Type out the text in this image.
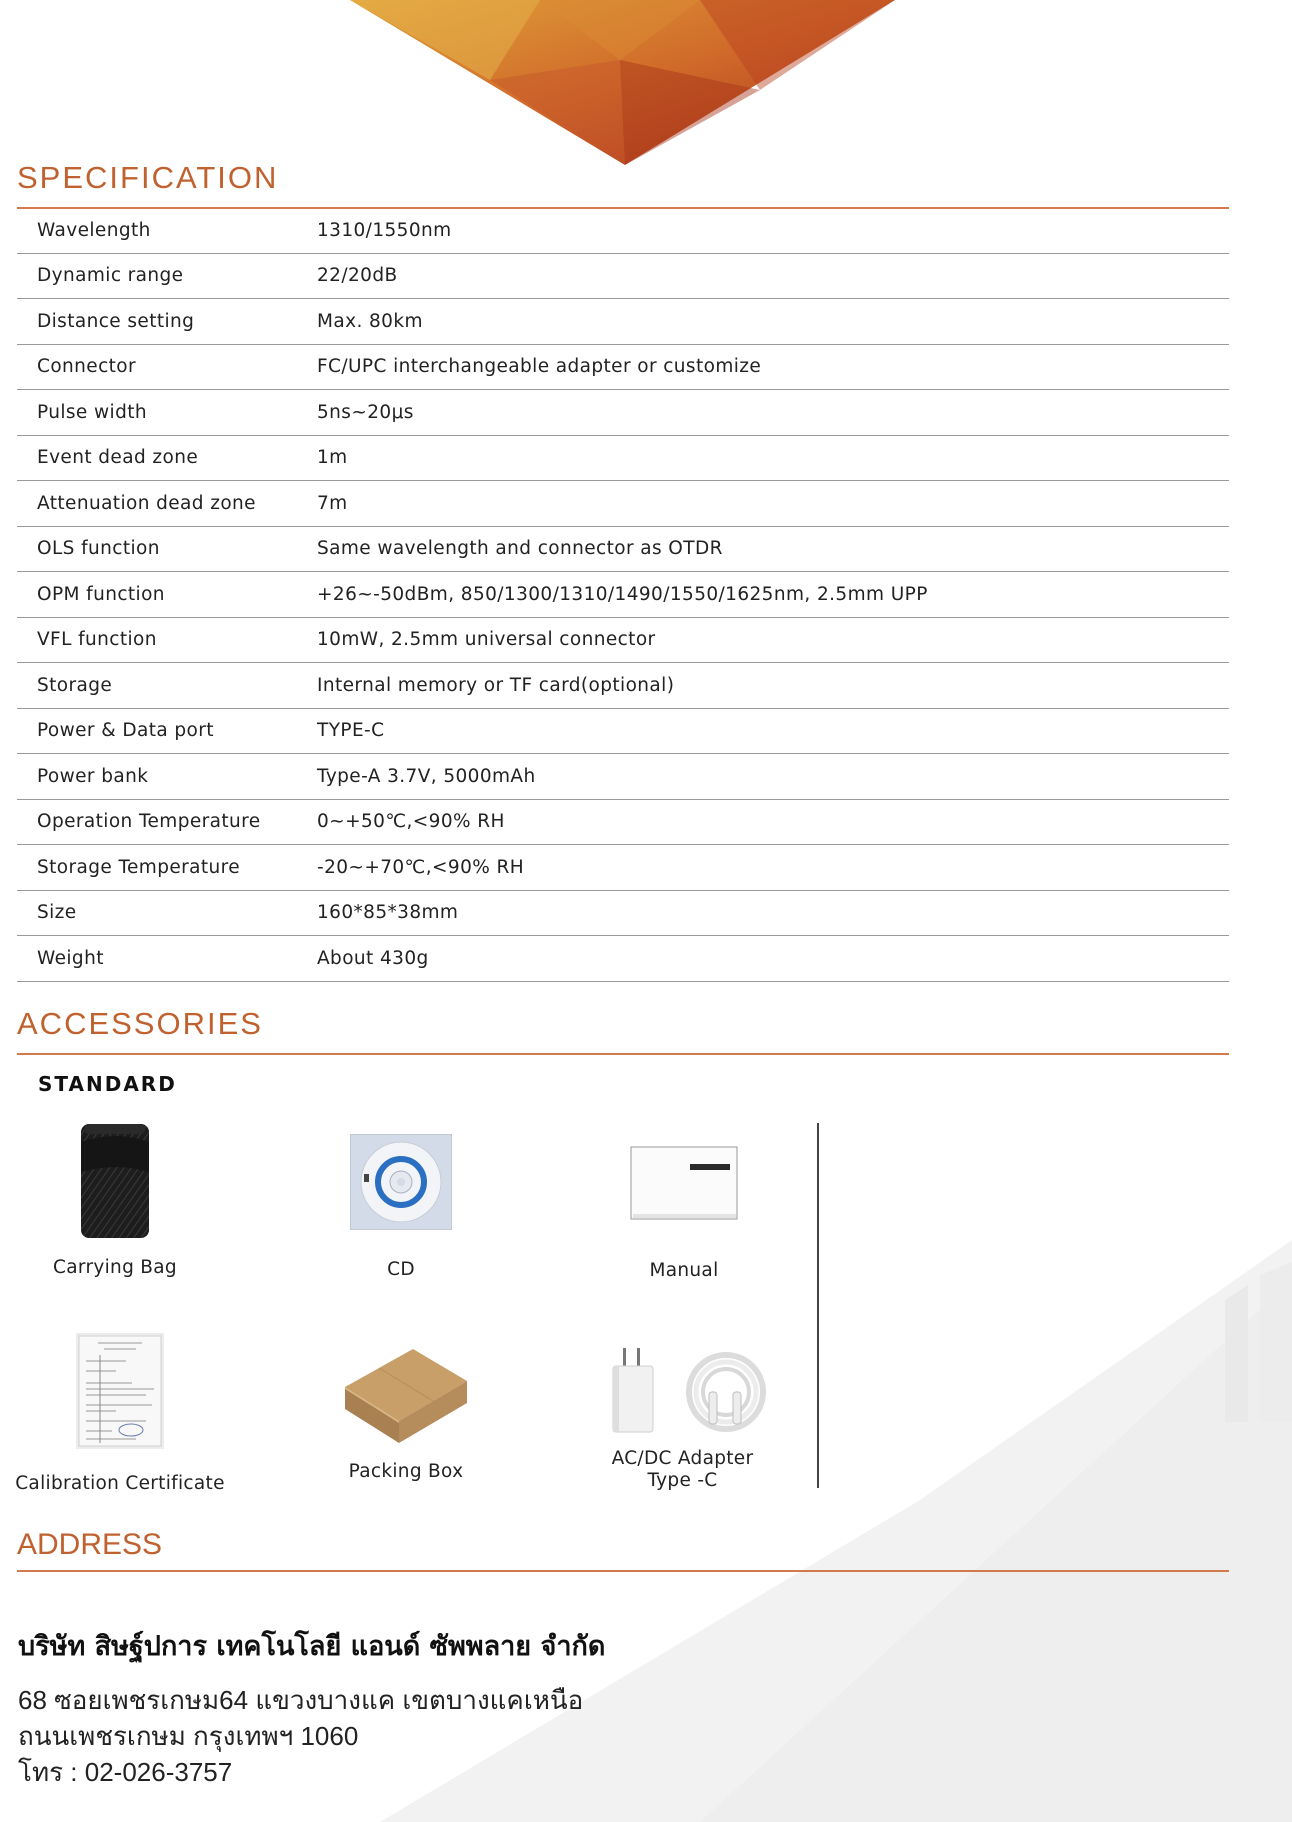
SPECIFICATION
Wavelength	1310/1550nm
Dynamic range	22/20dB
Distance setting	Max. 80km
Connector	FC/UPC interchangeable adapter or customize
Pulse width	5ns~20μs
Event dead zone	1m
Attenuation dead zone	7m
OLS function	Same wavelength and connector as OTDR
OPM function	+26~-50dBm, 850/1300/1310/1490/1550/1625nm, 2.5mm UPP
VFL function	10mW, 2.5mm universal connector
Storage	Internal memory or TF card(optional)
Power & Data port	TYPE-C
Power bank	Type-A 3.7V, 5000mAh
Operation Temperature	0~+50℃,<90% RH
Storage Temperature	-20~+70℃,<90% RH
Size	160*85*38mm
Weight	About 430g
ACCESSORIES
STANDARD
Carrying Bag	CD	Manual
Calibration Certificate
Packing Box
AC/DC Adapter
Type -C
ADDRESS
บริษัท สิษฐ์ปการ เทคโนโลยี แอนด์ ซัพพลาย จำกัด
68 ซอยเพชรเกษม64 แขวงบางแค เขตบางแคเหนือ
ถนนเพชรเกษม กรุงเทพฯ 1060
โทร : 02-026-3757
